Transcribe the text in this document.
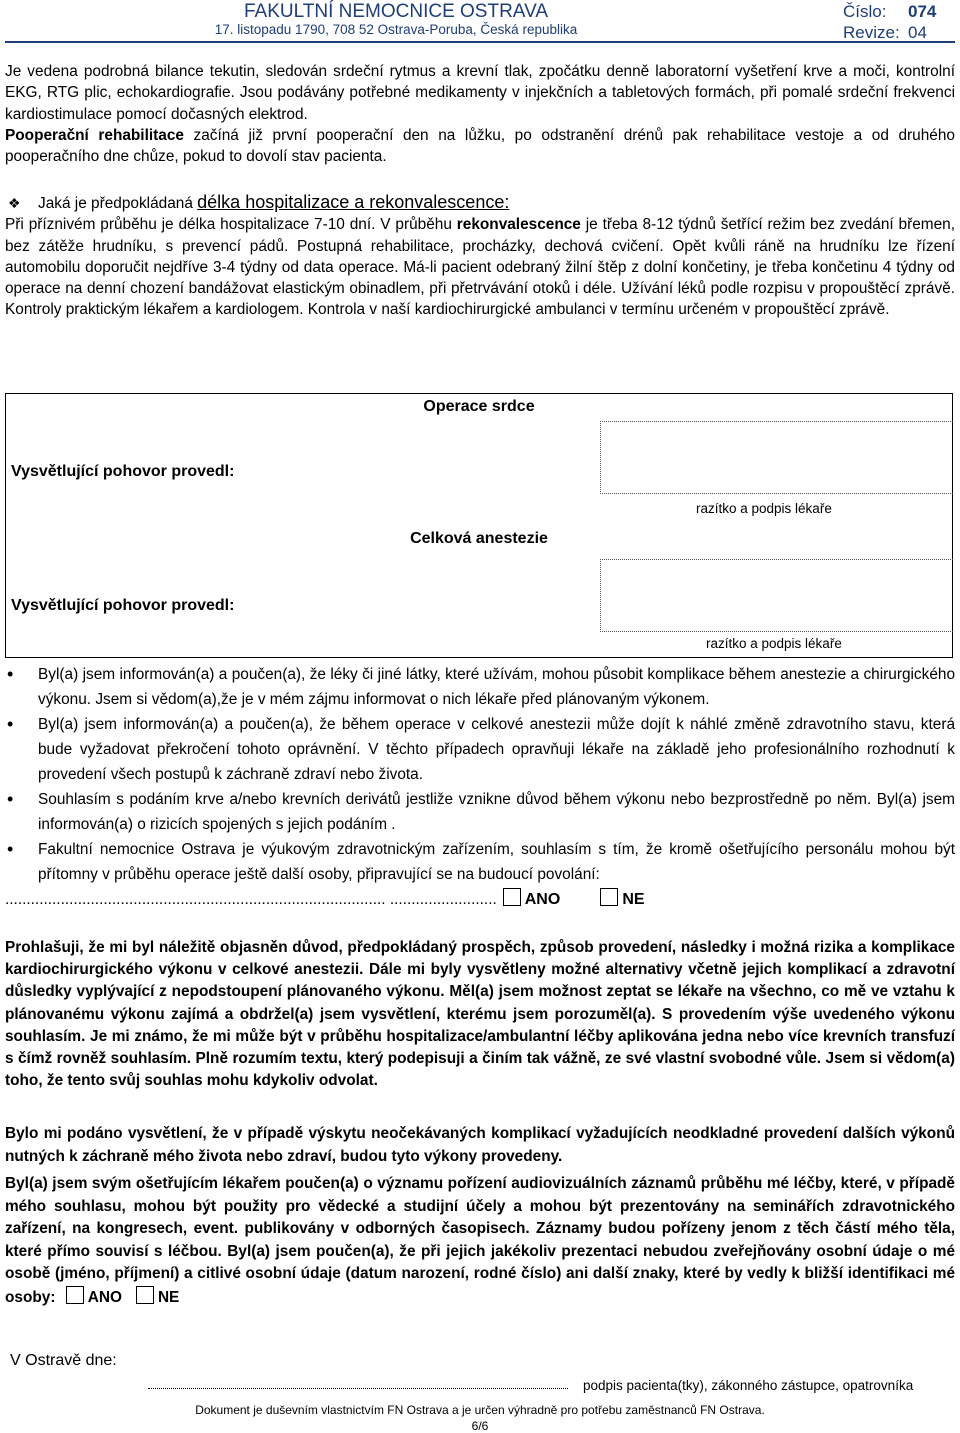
FAKULTNÍ NEMOCNICE OSTRAVA
17. listopadu 1790, 708 52 Ostrava-Poruba, Česká republika
Číslo: 074
Revize: 04

Je vedena podrobná bilance tekutin, sledován srdeční rytmus a krevní tlak, zpočátku denně laboratorní vyšetření krve a moči, kontrolní EKG, RTG plic, echokardiografie. Jsou podávány potřebné medikamenty v injekčních a tabletových formách, při pomalé srdeční frekvenci kardiostimulace pomocí dočasných elektrod.

Pooperační rehabilitace začíná již první pooperační den na lůžku, po odstranění drénů pak rehabilitace vestoje a od druhého pooperačního dne chůze, pokud to dovolí stav pacienta.

❖ Jaká je předpokládaná délka hospitalizace a rekonvalescence:

Při příznivém průběhu je délka hospitalizace 7-10 dní. V průběhu rekonvalescence je třeba 8-12 týdnů šetřící režim bez zvedání břemen, bez zátěže hrudníku, s prevencí pádů. Postupná rehabilitace, procházky, dechová cvičení. Opět kvůli ráně na hrudníku lze řízení automobilu doporučit nejdříve 3-4 týdny od data operace. Má-li pacient odebraný žilní štěp z dolní končetiny, je třeba končetinu 4 týdny od operace na denní chození bandážovat elastickým obinadlem, při přetrvávání otoků i déle. Užívání léků podle rozpisu v propouštěcí zprávě. Kontroly praktickým lékařem a kardiologem. Kontrola v naší kardiochirurgické ambulanci v termínu určeném v propouštěcí zprávě.

Operace srdce
Vysvětlující pohovor provedl:
razítko a podpis lékaře
Celková anestezie
Vysvětlující pohovor provedl:
razítko a podpis lékaře
• Byl(a) jsem informován(a) a poučen(a), že léky či jiné látky, které užívám, mohou působit komplikace během anestezie a chirurgického výkonu. Jsem si vědom(a),že je v mém zájmu informovat o nich lékaře před plánovaným výkonem.
• Byl(a) jsem informován(a) a poučen(a), že během operace v celkové anestezii může dojít k náhlé změně zdravotního stavu, která bude vyžadovat překročení tohoto oprávnění. V těchto případech opravňuji lékaře na základě jeho profesionálního rozhodnutí k provedení všech postupů k záchraně zdraví nebo života.
• Souhlasím s podáním krve a/nebo krevních derivátů jestliže vznikne důvod během výkonu nebo bezprostředně po něm. Byl(a) jsem informován(a) o rizicích spojených s jejich podáním .
• Fakultní nemocnice Ostrava je výukovým zdravotnickým zařízením, souhlasím s tím, že kromě ošetřujícího personálu mohou být přítomny v průběhu operace ještě další osoby, připravující se na budoucí povolání:

......................................................................................... ......................... ANO	NE

Prohlašuji, že mi byl náležitě objasněn důvod, předpokládaný prospěch, způsob provedení, následky i možná rizika a komplikace kardiochirurgického výkonu v celkové anestezii. Dále mi byly vysvětleny možné alternativy včetně jejich komplikací a zdravotní důsledky vyplývající z nepodstoupení plánovaného výkonu. Měl(a) jsem možnost zeptat se lékaře na všechno, co mě ve vztahu k plánovanému výkonu zajímá a obdržel(a) jsem vysvětlení, kterému jsem porozuměl(a). S provedením výše uvedeného výkonu souhlasím. Je mi známo, že mi může být v průběhu hospitalizace/ambulantní léčby aplikována jedna nebo více krevních transfuzí s čímž rovněž souhlasím. Plně rozumím textu, který podepisuji a činím tak vážně, ze své vlastní svobodné vůle. Jsem si vědom(a) toho, že tento svůj souhlas mohu kdykoliv odvolat.
Bylo mi podáno vysvětlení, že v případě výskytu neočekávaných komplikací vyžadujících neodkladné provedení dalších výkonů nutných k záchraně mého života nebo zdraví, budou tyto výkony provedeny.
Byl(a) jsem svým ošetřujícím lékařem poučen(a) o významu pořízení audiovizuálních záznamů průběhu mé léčby, které, v případě mého souhlasu, mohou být použity pro vědecké a studijní účely a mohou být prezentovány na seminářích zdravotnického zařízení, na kongresech, event. publikovány v odborných časopisech. Záznamy budou pořízeny jenom z těch částí mého těla, které přímo souvisí s léčbou. Byl(a) jsem poučen(a), že při jejich jakékoliv prezentaci nebudou zveřejňovány osobní údaje o mé osobě (jméno, příjmení) a citlivé osobní údaje (datum narození, rodné číslo) ani další znaky, které by vedly k bližší identifikaci mé osoby: ANO NE
V Ostravě dne:
podpis pacienta(tky), zákonného zástupce, opatrovníka
Dokument je duševním vlastnictvím FN Ostrava a je určen výhradně pro potřebu zaměstnanců FN Ostrava.
6/6
